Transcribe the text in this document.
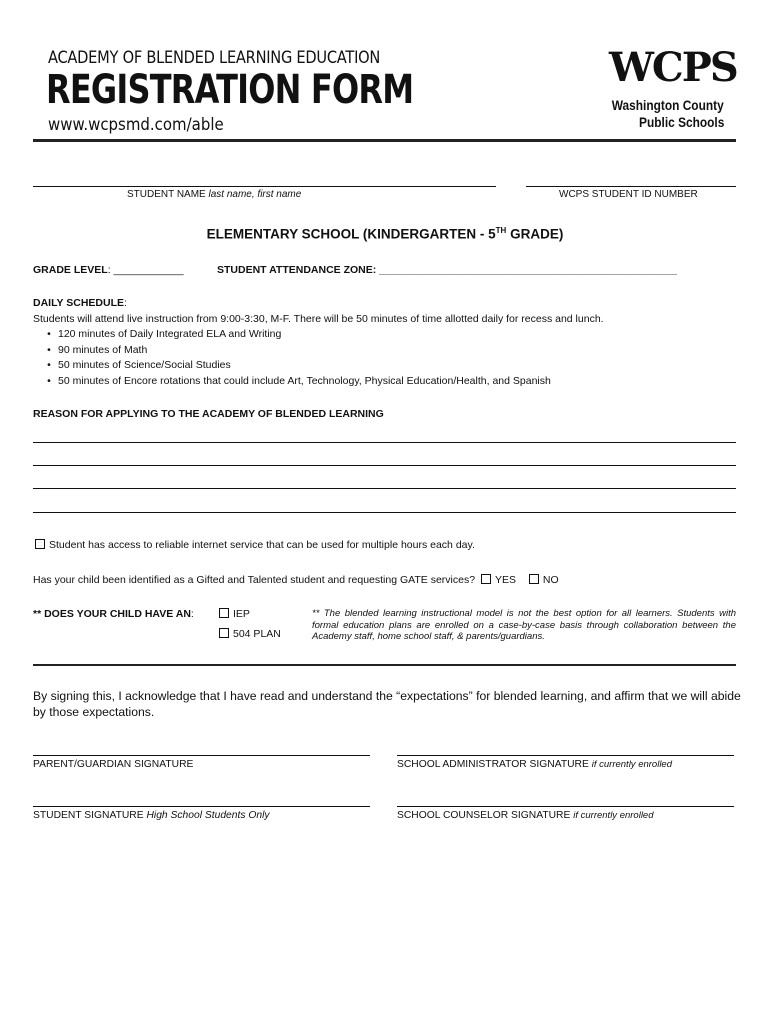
ACADEMY OF BLENDED LEARNING EDUCATION
REGISTRATION FORM
www.wcpsmd.com/able
WCPS
Washington County
Public Schools
STUDENT NAME last name, first name	WCPS STUDENT ID NUMBER
ELEMENTARY SCHOOL (KINDERGARTEN - 5TH GRADE)
GRADE LEVEL: ____________	STUDENT ATTENDANCE ZONE: ___________________________________________________
DAILY SCHEDULE:
Students will attend live instruction from 9:00-3:30, M-F. There will be 50 minutes of time allotted daily for recess and lunch.
• 120 minutes of Daily Integrated ELA and Writing
• 90 minutes of Math
• 50 minutes of Science/Social Studies
• 50 minutes of Encore rotations that could include Art, Technology, Physical Education/Health, and Spanish
REASON FOR APPLYING TO THE ACADEMY OF BLENDED LEARNING
Student has access to reliable internet service that can be used for multiple hours each day.
Has your child been identified as a Gifted and Talented student and requesting GATE services? YES	NO
** DOES YOUR CHILD HAVE AN:	IEP
504 PLAN
** The blended learning instructional model is not the best option for all learners. Students with formal education plans are enrolled on a case-by-case basis through collaboration between the Academy staff, home school staff, & parents/guardians.
By signing this, I acknowledge that I have read and understand the “expectations” for blended learning, and affirm that we will abide by those expectations.
PARENT/GUARDIAN SIGNATURE	SCHOOL ADMINISTRATOR SIGNATURE if currently enrolled
STUDENT SIGNATURE High School Students Only	SCHOOL COUNSELOR SIGNATURE if currently enrolled
